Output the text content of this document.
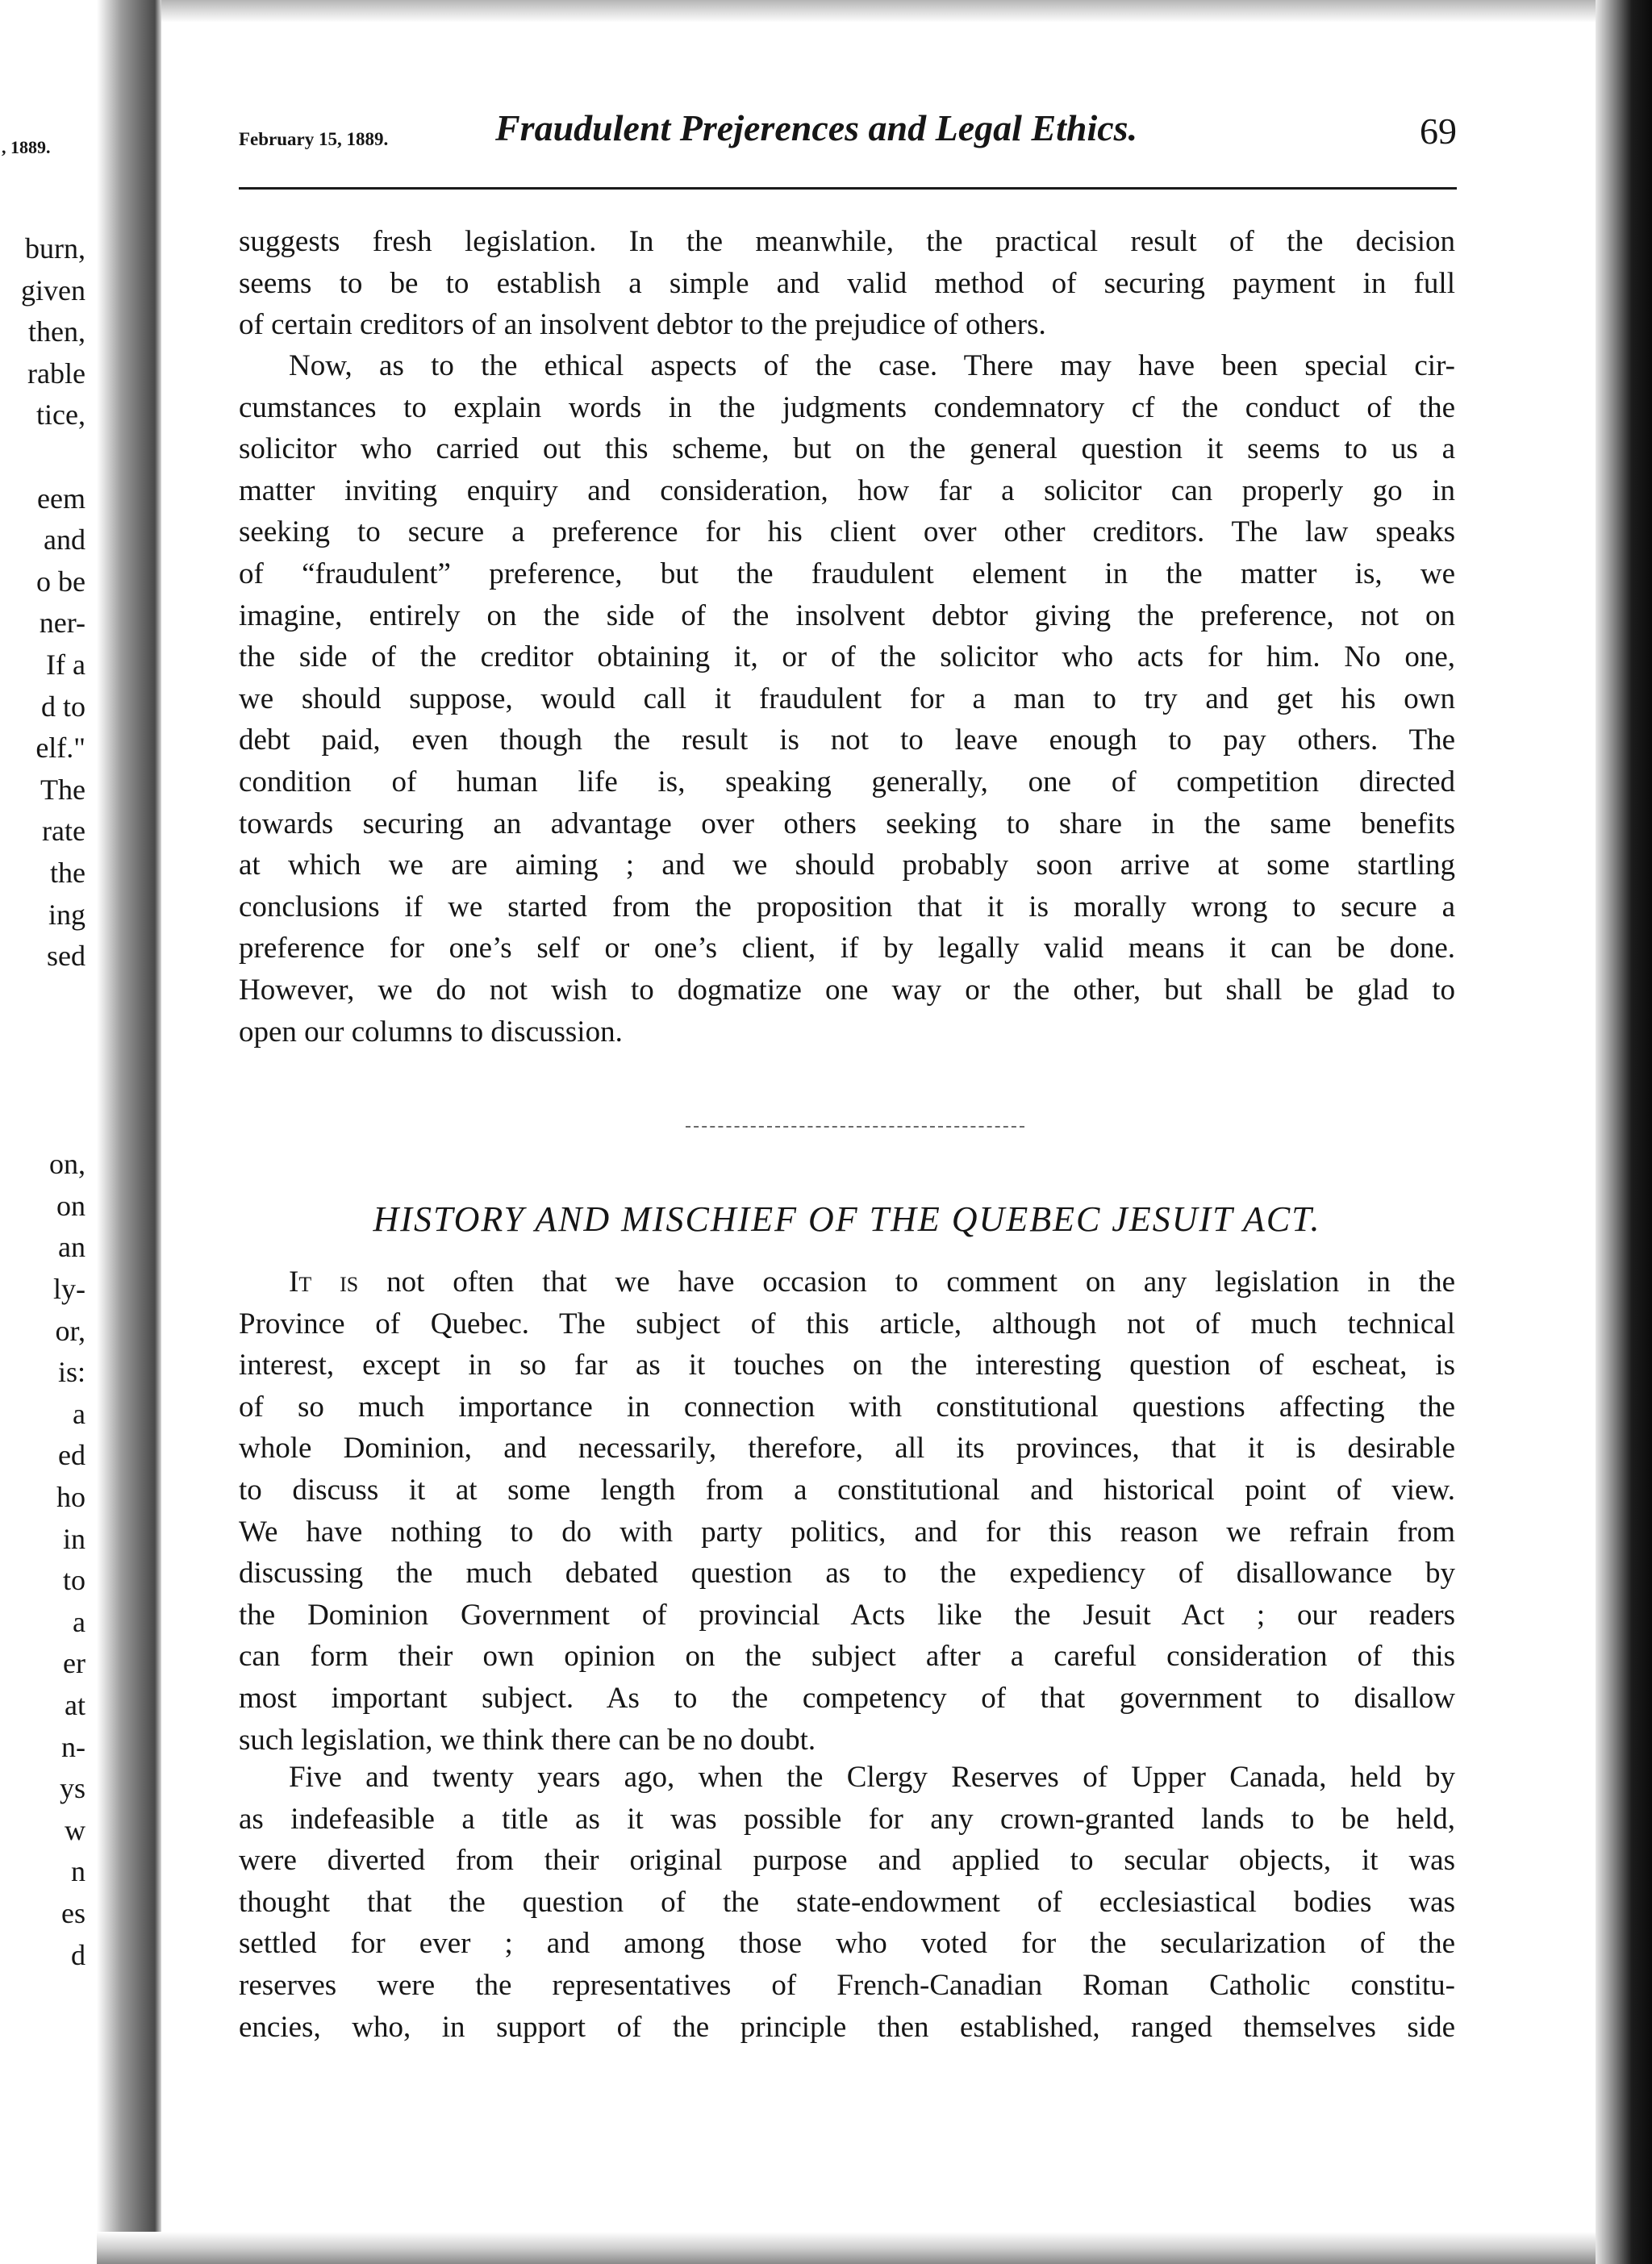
, 1889.
burn,
given
then,
rable
tice,
eem
and
o be
ner-
If a
d to
elf."
The
rate
the
ing
sed
on,
on
an
ly-
or,
is:
a
ed
ho
in
to
a
er
at
n-
ys
w
n
es
d
February 15, 1889.	Fraudulent Prejerences and Legal Ethics.	69
suggests fresh legislation. In the meanwhile, the practical result of the decision
seems to be to establish a simple and valid method of securing payment in full
of certain creditors of an insolvent debtor to the prejudice of others.
Now, as to the ethical aspects of the case. There may have been special cir-
cumstances to explain words in the judgments condemnatory cf the conduct of the
solicitor who carried out this scheme, but on the general question it seems to us a
matter inviting enquiry and consideration, how far a solicitor can properly go in
seeking to secure a preference for his client over other creditors. The law speaks
of “fraudulent” preference, but the fraudulent element in the matter is, we
imagine, entirely on the side of the insolvent debtor giving the preference, not on
the side of the creditor obtaining it, or of the solicitor who acts for him. No one,
we should suppose, would call it fraudulent for a man to try and get his own
debt paid, even though the result is not to leave enough to pay others. The
condition of human life is, speaking generally, one of competition directed
towards securing an advantage over others seeking to share in the same benefits
at which we are aiming ; and we should probably soon arrive at some startling
conclusions if we started from the proposition that it is morally wrong to secure a
preference for one’s self or one’s client, if by legally valid means it can be done.
However, we do not wish to dogmatize one way or the other, but shall be glad to
open our columns to discussion.
HISTORY AND MISCHIEF OF THE QUEBEC JESUIT ACT.
It is not often that we have occasion to comment on any legislation in the
Province of Quebec. The subject of this article, although not of much technical
interest, except in so far as it touches on the interesting question of escheat, is
of so much importance in connection with constitutional questions affecting the
whole Dominion, and necessarily, therefore, all its provinces, that it is desirable
to discuss it at some length from a constitutional and historical point of view.
We have nothing to do with party politics, and for this reason we refrain from
discussing the much debated question as to the expediency of disallowance by
the Dominion Government of provincial Acts like the Jesuit Act ; our readers
can form their own opinion on the subject after a careful consideration of this
most important subject. As to the competency of that government to disallow
such legislation, we think there can be no doubt.
Five and twenty years ago, when the Clergy Reserves of Upper Canada, held by
as indefeasible a title as it was possible for any crown-granted lands to be held,
were diverted from their original purpose and applied to secular objects, it was
thought that the question of the state-endowment of ecclesiastical bodies was
settled for ever ; and among those who voted for the secularization of the
reserves were the representatives of French-Canadian Roman Catholic constitu-
encies, who, in support of the principle then established, ranged themselves side
